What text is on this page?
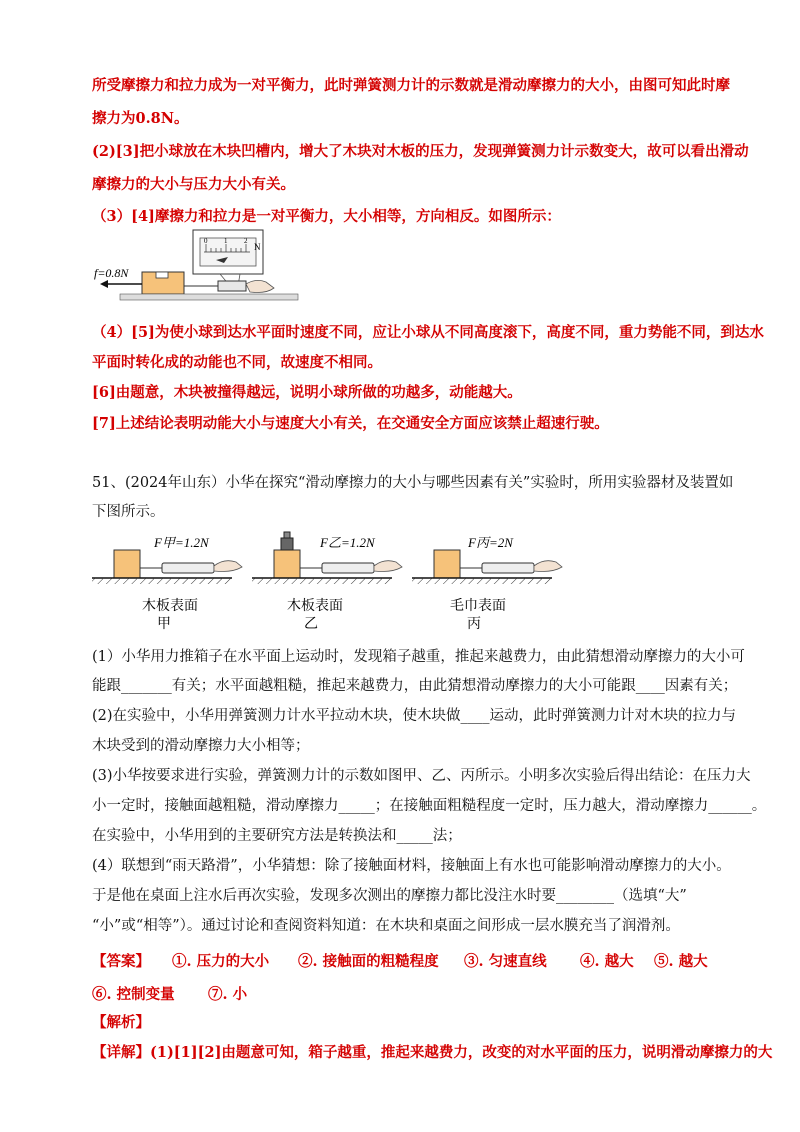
所受摩擦力和拉力成为一对平衡力，此时弹簧测力计的示数就是滑动摩擦力的大小，由图可知此时摩
擦力为0.8N。
(2)[3]把小球放在木块凹槽内，增大了木块对木板的压力，发现弹簧测力计示数变大，故可以看出滑动
摩擦力的大小与压力大小有关。
（3）[4]摩擦力和拉力是一对平衡力，大小相等，方向相反。如图所示：
0 1 2
N
f=0.8N
（4）[5]为使小球到达水平面时速度不同，应让小球从不同高度滚下，高度不同，重力势能不同，到达水
平面时转化成的动能也不同，故速度不相同。
[6]由题意，木块被撞得越远，说明小球所做的功越多，动能越大。
[7]上述结论表明动能大小与速度大小有关，在交通安全方面应该禁止超速行驶。
51、(2024年山东）小华在探究“滑动摩擦力的大小与哪些因素有关”实验时，所用实验器材及装置如
下图所示。
F甲=1.2N
木板表面
甲
F乙=1.2N
木板表面
乙
F丙=2N
毛巾表面
丙
(1）小华用力推箱子在水平面上运动时，发现箱子越重，推起来越费力，由此猜想滑动摩擦力的大小可
能跟_______有关；水平面越粗糙，推起来越费力，由此猜想滑动摩擦力的大小可能跟____因素有关；
(2)在实验中，小华用弹簧测力计水平拉动木块，使木块做____运动，此时弹簧测力计对木块的拉力与
木块受到的滑动摩擦力大小相等；
(3)小华按要求进行实验，弹簧测力计的示数如图甲、乙、丙所示。小明多次实验后得出结论：在压力大
小一定时，接触面越粗糙，滑动摩擦力_____；在接触面粗糙程度一定时，压力越大，滑动摩擦力______。
在实验中，小华用到的主要研究方法是转换法和_____法；
(4）联想到“雨天路滑”，小华猜想：除了接触面材料，接触面上有水也可能影响滑动摩擦力的大小。
于是他在桌面上注水后再次实验，发现多次测出的摩擦力都比没注水时要________（选填“大”
“小”或“相等”）。通过讨论和查阅资料知道：在木块和桌面之间形成一层水膜充当了润滑剂。
【答案】 ①. 压力的大小 ②. 接触面的粗糙程度 ③. 匀速直线 ④. 越大 ⑤. 越大
⑥. 控制变量 ⑦. 小
【解析】
【详解】(1)[1][2]由题意可知，箱子越重，推起来越费力，改变的对水平面的压力，说明滑动摩擦力的大
